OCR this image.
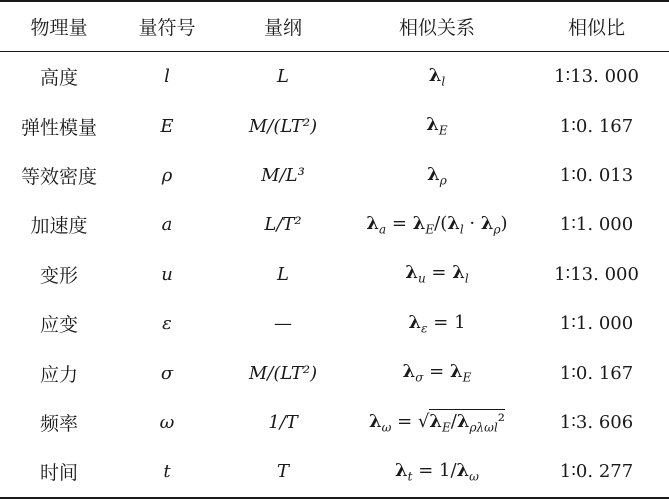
物理量	量符号	量纲	相似关系	相似比

高度	l	L	$\lambda_l$	1∶13. 000
弹性模量	E	M/(LT²)	$\lambda_E$	1∶0. 167
等效密度	ρ	M/L³	$\lambda_\rho$	1∶0. 013
加速度	a	L/T²	$\lambda_a = \lambda_E/(\lambda_l \cdot \lambda_\rho)$	1∶1. 000
变形	u	L	$\lambda_u = \lambda_l$	1∶13. 000
应变	ε	—	$\lambda_\varepsilon = 1$	1∶1. 000
应力	σ	M/(LT²)	$\lambda_\sigma = \lambda_E$	1∶0. 167
频率	ω	1/T	$\lambda_\omega = √\lambda_E/\lambda_{\rho\lambda\omega l}^2$	1∶3. 606
时间	t	T	$\lambda_t = 1/\lambda_\omega$	1∶0. 277
